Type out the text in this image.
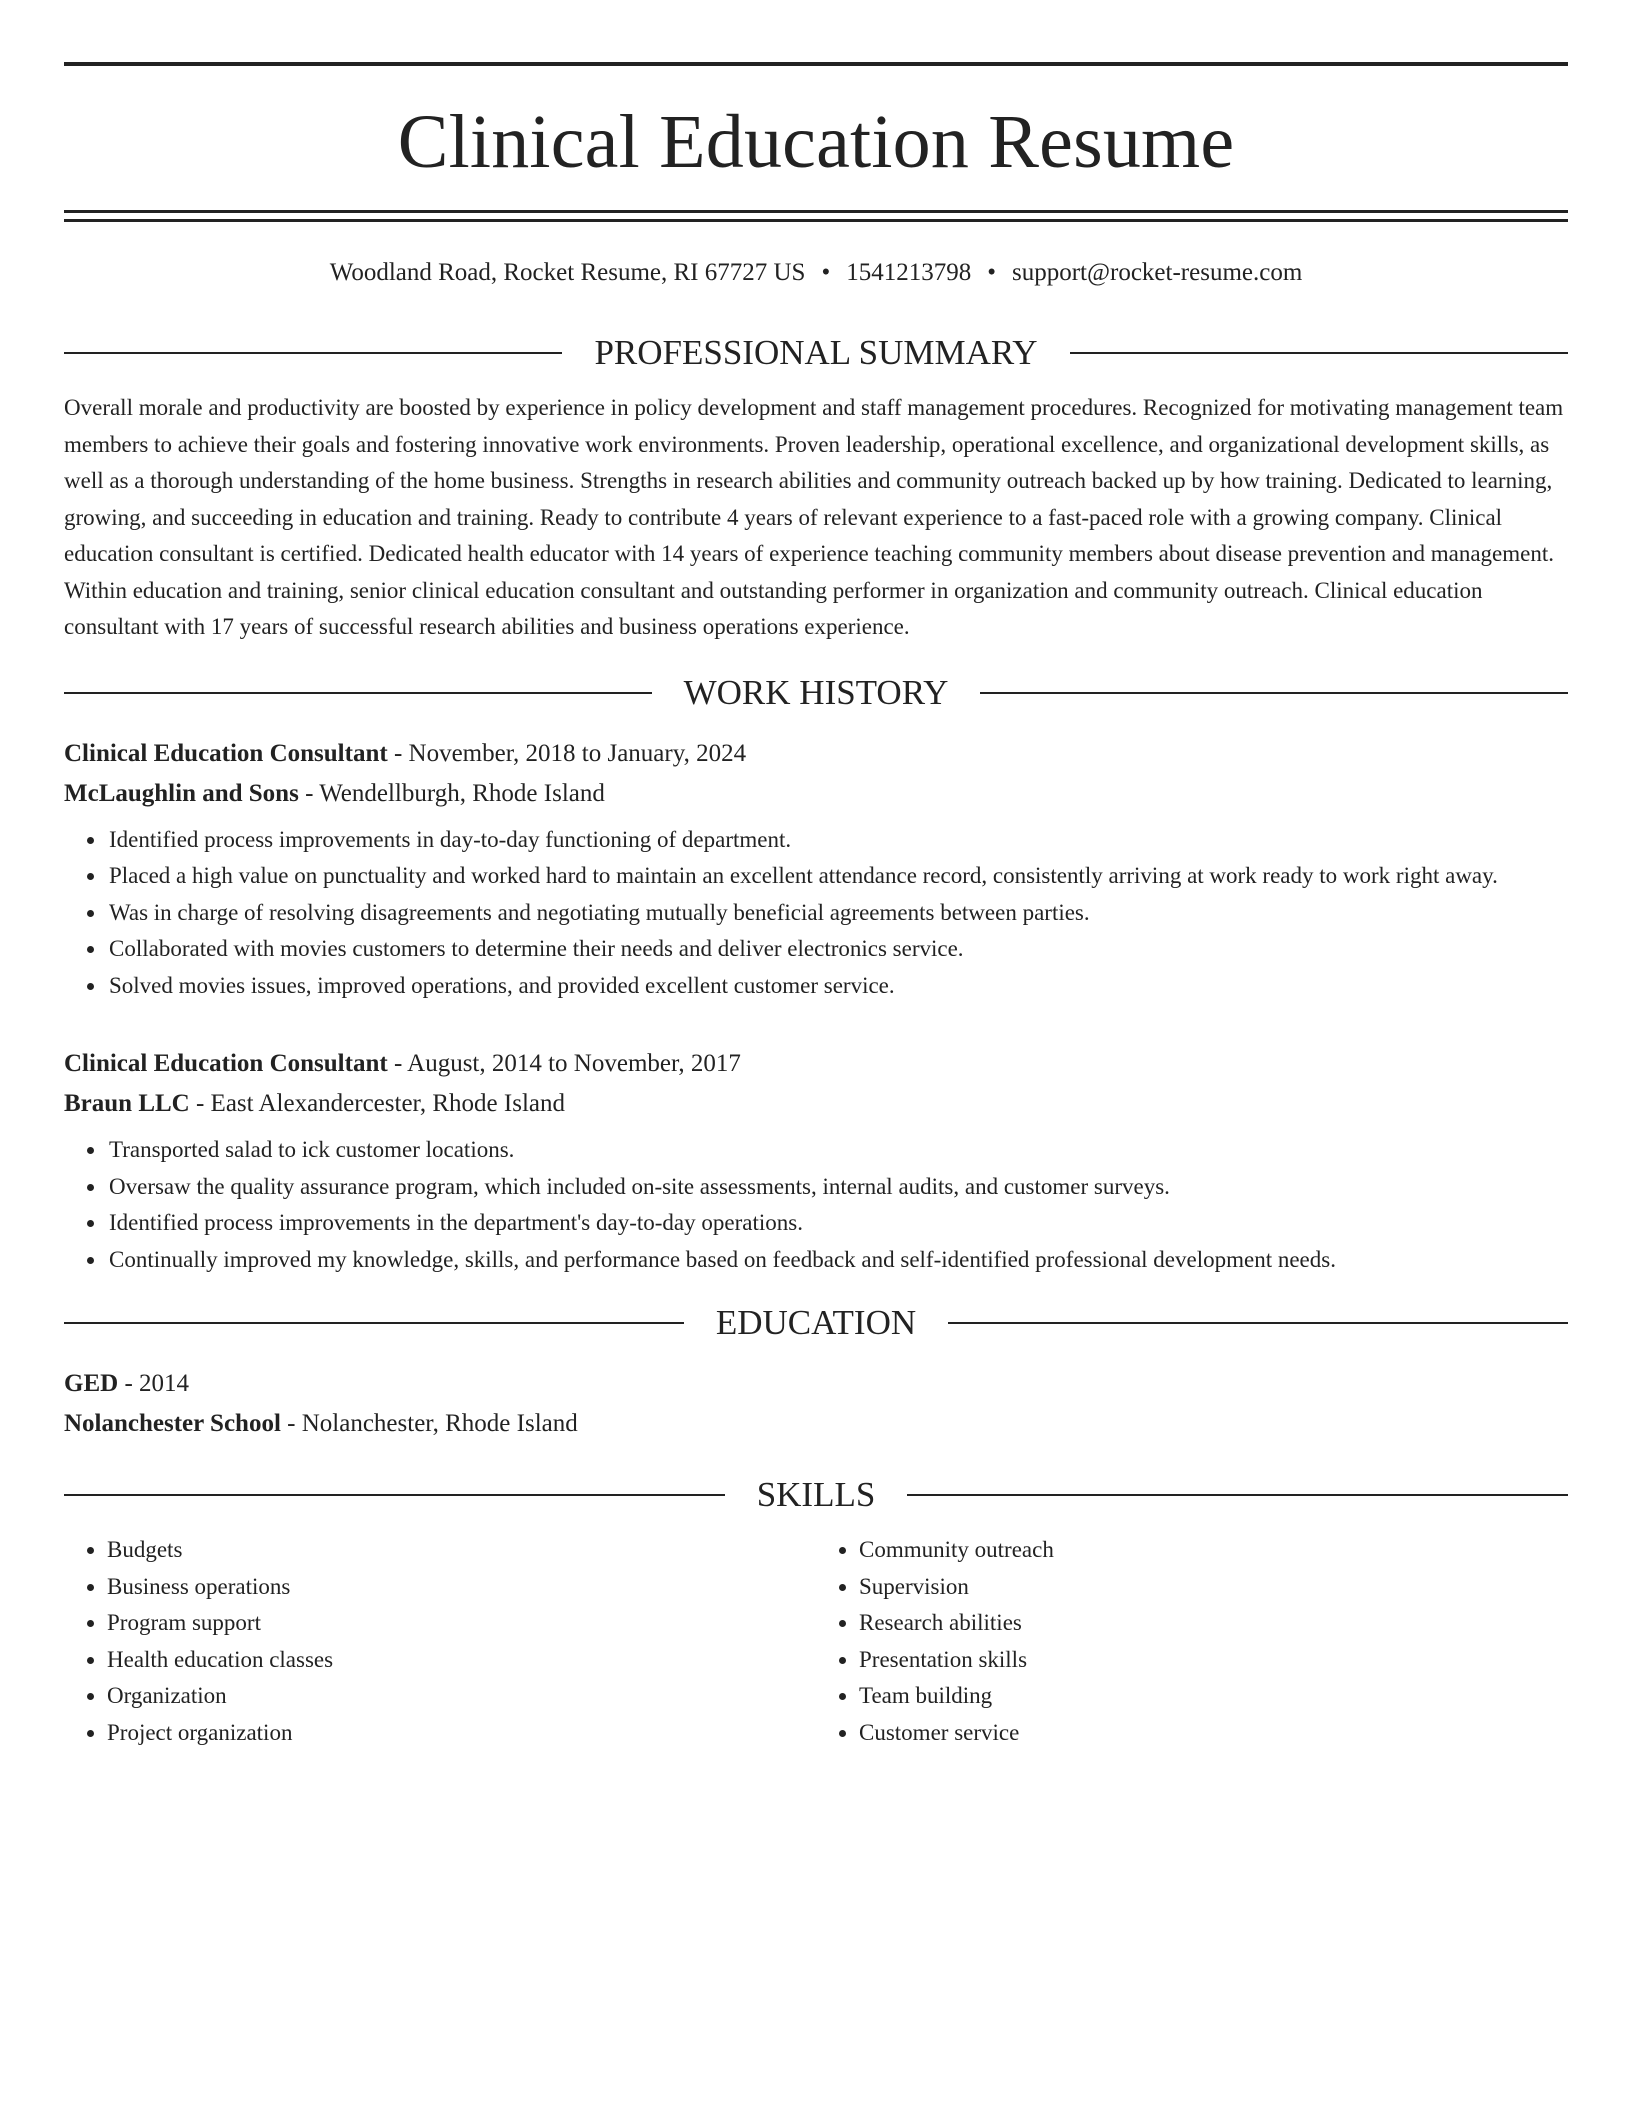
Clinical Education Resume
Woodland Road, Rocket Resume, RI 67727 US • 1541213798 • support@rocket-resume.com
PROFESSIONAL SUMMARY

Overall morale and productivity are boosted by experience in policy development and staff management procedures. Recognized for motivating management team members to achieve their goals and fostering innovative work environments. Proven leadership, operational excellence, and organizational development skills, as well as a thorough understanding of the home business. Strengths in research abilities and community outreach backed up by how training. Dedicated to learning, growing, and succeeding in education and training. Ready to contribute 4 years of relevant experience to a fast-paced role with a growing company. Clinical education consultant is certified. Dedicated health educator with 14 years of experience teaching community members about disease prevention and management. Within education and training, senior clinical education consultant and outstanding performer in organization and community outreach. Clinical education consultant with 17 years of successful research abilities and business operations experience.

WORK HISTORY
Clinical Education Consultant - November, 2018 to January, 2024
McLaughlin and Sons - Wendellburgh, Rhode Island
• Identified process improvements in day-to-day functioning of department.
• Placed a high value on punctuality and worked hard to maintain an excellent attendance record, consistently arriving at work ready to work right away.
• Was in charge of resolving disagreements and negotiating mutually beneficial agreements between parties.
• Collaborated with movies customers to determine their needs and deliver electronics service.
• Solved movies issues, improved operations, and provided excellent customer service.
Clinical Education Consultant - August, 2014 to November, 2017
Braun LLC - East Alexandercester, Rhode Island
• Transported salad to ick customer locations.
• Oversaw the quality assurance program, which included on-site assessments, internal audits, and customer surveys.
• Identified process improvements in the department's day-to-day operations.
• Continually improved my knowledge, skills, and performance based on feedback and self-identified professional development needs.
EDUCATION
GED - 2014
Nolanchester School - Nolanchester, Rhode Island
SKILLS
• Budgets
• Business operations
• Program support
• Health education classes
• Organization
• Project organization
• Community outreach
• Supervision
• Research abilities
• Presentation skills
• Team building
• Customer service
